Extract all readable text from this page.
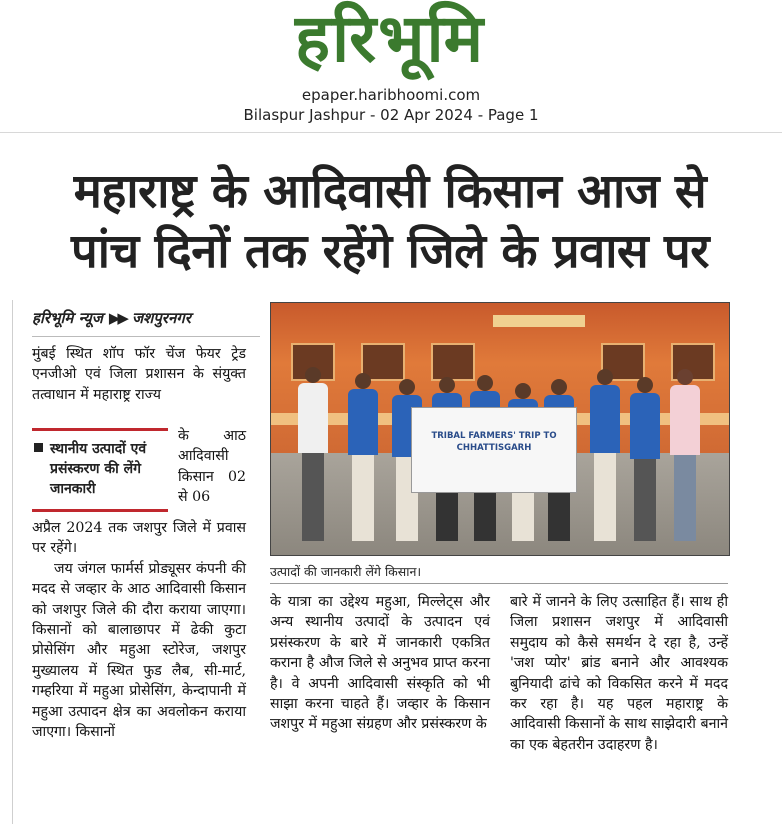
हरिभूमि
epaper.haribhoomi.com
Bilaspur Jashpur - 02 Apr 2024 - Page 1
महाराष्ट्र के आदिवासी किसान आज से
पांच दिनों तक रहेंगे जिले के प्रवास पर
हरिभूमि न्यूज ▶▶ जशपुरनगर

मुंबई स्थित शॉप फॉर चेंज फेयर ट्रेड एनजीओ एवं जिला प्रशासन के संयुक्त तत्वाधान में महाराष्ट्र राज्य

स्थानीय उत्पादों एवं प्रसंस्करण की लेंगे जानकारी

के आठ आदिवासी किसान 02 से 06

अप्रैल 2024 तक जशपुर जिले में प्रवास पर रहेंगे।

जय जंगल फार्मर्स प्रोड्यूसर कंपनी की मदद से जव्हार के आठ आदिवासी किसान को जशपुर जिले की दौरा कराया जाएगा। किसानों को बालाछापर में ढेकी कुटा प्रोसेसिंग और महुआ स्टोरेज, जशपुर मुख्यालय में स्थित फुड लैब, सी-मार्ट, गम्हरिया में महुआ प्रोसेसिंग, केन्दापानी में महुआ उत्पादन क्षेत्र का अवलोकन कराया जाएगा। किसानों

TRIBAL FARMERS' TRIP TO CHHATTISGARH
उत्पादों की जानकारी लेंगे किसान।

के यात्रा का उद्देश्य महुआ, मिल्लेट्स और अन्य स्थानीय उत्पादों के उत्पादन एवं प्रसंस्करण के बारे में जानकारी एकत्रित कराना है औज जिले से अनुभव प्राप्त करना है। वे अपनी आदिवासी संस्कृति को भी साझा करना चाहते हैं। जव्हार के किसान जशपुर में महुआ संग्रहण और प्रसंस्करण के

बारे में जानने के लिए उत्साहित हैं। साथ ही जिला प्रशासन जशपुर में आदिवासी समुदाय को कैसे समर्थन दे रहा है, उन्हें 'जश प्योर' ब्रांड बनाने और आवश्यक बुनियादी ढांचे को विकसित करने में मदद कर रहा है। यह पहल महाराष्ट्र के आदिवासी किसानों के साथ साझेदारी बनाने का एक बेहतरीन उदाहरण है।
